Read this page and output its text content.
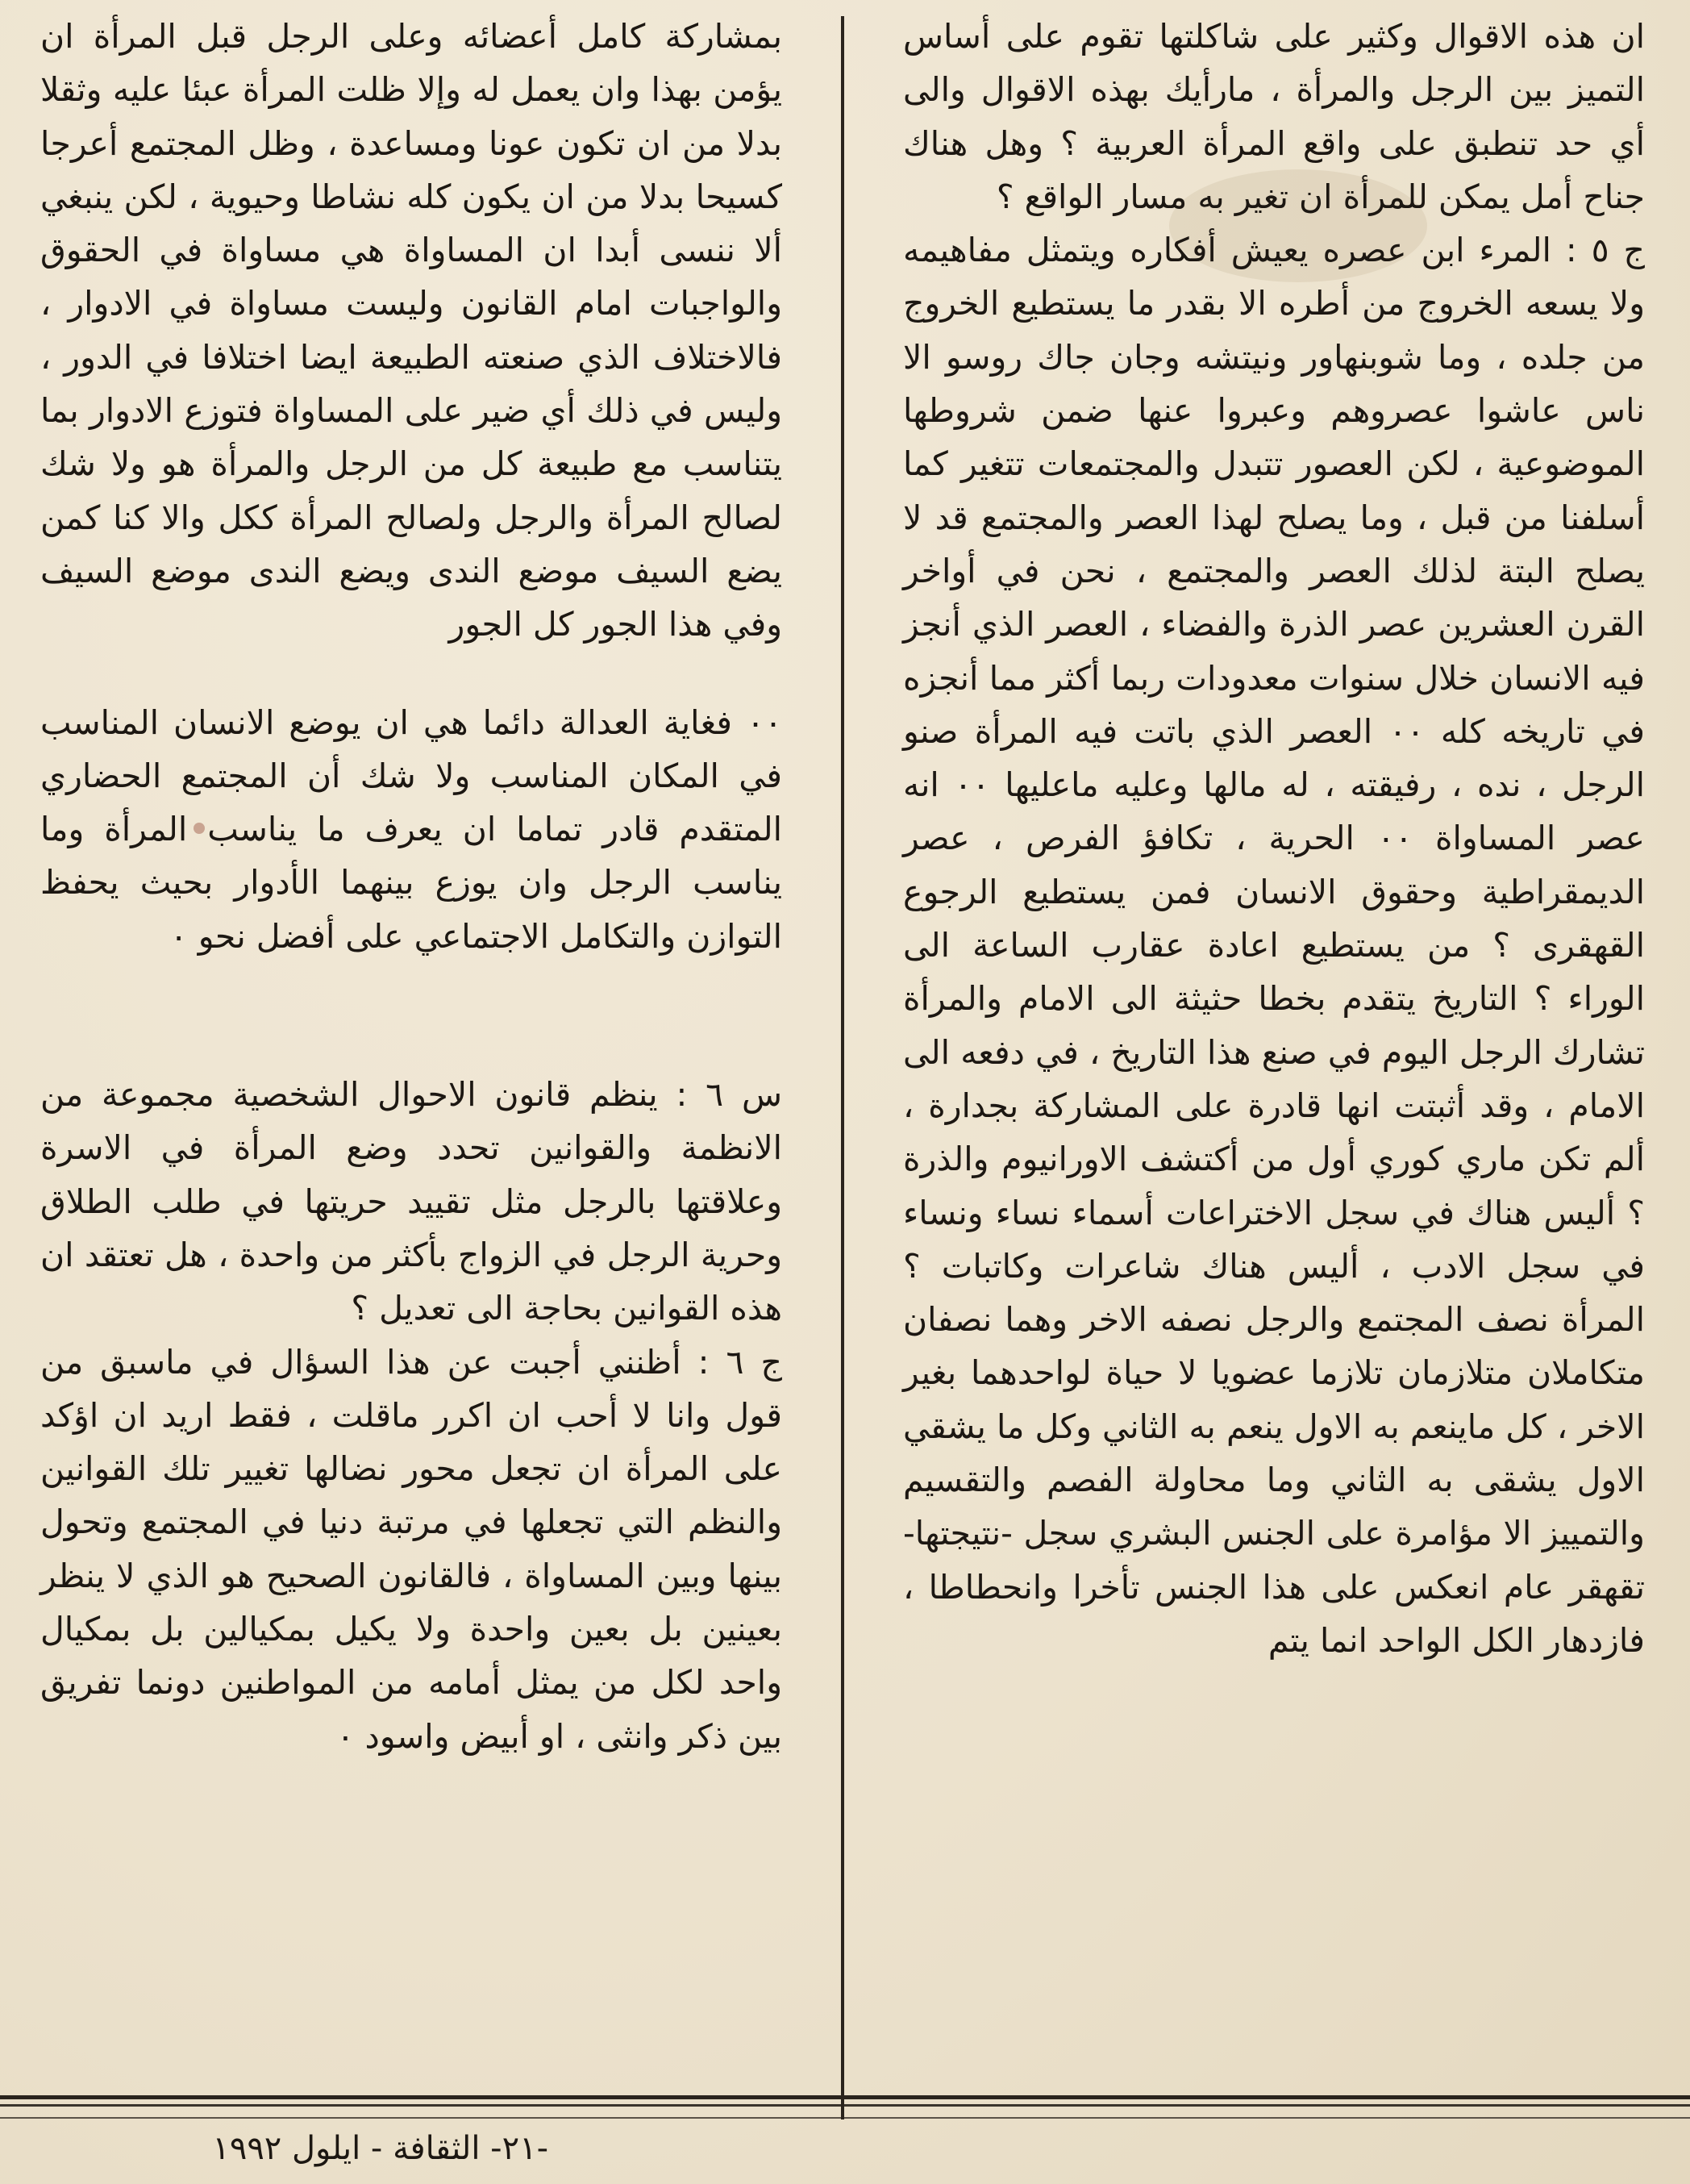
ان هذه الاقوال وكثير على شاكلتها تقوم على أساس التميز بين الرجل والمرأة ، مارأيك بهذه الاقوال والى أي حد تنطبق على واقع المرأة العربية ؟ وهل هناك جناح أمل يمكن للمرأة ان تغير به مسار الواقع ؟

ج ٥ : المرء ابن عصره يعيش أفكاره ويتمثل مفاهيمه ولا يسعه الخروج من أطره الا بقدر ما يستطيع الخروج من جلده ، وما شوبنهاور ونيتشه وجان جاك روسو الا ناس عاشوا عصروهم وعبروا عنها ضمن شروطها الموضوعية ، لكن العصور تتبدل والمجتمعات تتغير كما أسلفنا من قبل ، وما يصلح لهذا العصر والمجتمع قد لا يصلح البتة لذلك العصر والمجتمع ، نحن في أواخر القرن العشرين عصر الذرة والفضاء ، العصر الذي أنجز فيه الانسان خلال سنوات معدودات ربما أكثر مما أنجزه في تاريخه كله ٠٠ العصر الذي باتت فيه المرأة صنو الرجل ، نده ، رفيقته ، له مالها وعليه ماعليها ٠٠ انه عصر المساواة ٠٠ الحرية ، تكافؤ الفرص ، عصر الديمقراطية وحقوق الانسان فمن يستطيع الرجوع القهقرى ؟ من يستطيع اعادة عقارب الساعة الى الوراء ؟ التاريخ يتقدم بخطا حثيثة الى الامام والمرأة تشارك الرجل اليوم في صنع هذا التاريخ ، في دفعه الى الامام ، وقد أثبتت انها قادرة على المشاركة بجدارة ، ألم تكن ماري كوري أول من أكتشف الاورانيوم والذرة ؟ أليس هناك في سجل الاختراعات أسماء نساء ونساء في سجل الادب ، أليس هناك شاعرات وكاتبات ؟ المرأة نصف المجتمع والرجل نصفه الاخر وهما نصفان متكاملان متلازمان تلازما عضويا لا حياة لواحدهما بغير الاخر ، كل ماينعم به الاول ينعم به الثاني وكل ما يشقي الاول يشقى به الثاني وما محاولة الفصم والتقسيم والتمييز الا مؤامرة على الجنس البشري سجل -نتيجتها- تقهقر عام انعكس على هذا الجنس تأخرا وانحطاطا ، فازدهار الكل الواحد انما يتم

بمشاركة كامل أعضائه وعلى الرجل قبل المرأة ان يؤمن بهذا وان يعمل له وإلا ظلت المرأة عبئا عليه وثقلا بدلا من ان تكون عونا ومساعدة ، وظل المجتمع أعرجا كسيحا بدلا من ان يكون كله نشاطا وحيوية ، لكن ينبغي ألا ننسى أبدا ان المساواة هي مساواة في الحقوق والواجبات امام القانون وليست مساواة في الادوار ، فالاختلاف الذي صنعته الطبيعة ايضا اختلافا في الدور ، وليس في ذلك أي ضير على المساواة فتوزع الادوار بما يتناسب مع طبيعة كل من الرجل والمرأة هو ولا شك لصالح المرأة والرجل ولصالح المرأة ككل والا كنا كمن يضع السيف موضع الندى ويضع الندى موضع السيف وفي هذا الجور كل الجور

٠٠ فغاية العدالة دائما هي ان يوضع الانسان المناسب في المكان المناسب ولا شك أن المجتمع الحضاري المتقدم قادر تماما ان يعرف ما يناسب المرأة وما يناسب الرجل وان يوزع بينهما الأدوار بحيث يحفظ التوازن والتكامل الاجتماعي على أفضل نحو ٠

س ٦ : ينظم قانون الاحوال الشخصية مجموعة من الانظمة والقوانين تحدد وضع المرأة في الاسرة وعلاقتها بالرجل مثل تقييد حريتها في طلب الطلاق وحرية الرجل في الزواج بأكثر من واحدة ، هل تعتقد ان هذه القوانين بحاجة الى تعديل ؟

ج ٦ : أظنني أجبت عن هذا السؤال في ماسبق من قول وانا لا أحب ان اكرر ماقلت ، فقط اريد ان اؤكد على المرأة ان تجعل محور نضالها تغيير تلك القوانين والنظم التي تجعلها في مرتبة دنيا في المجتمع وتحول بينها وبين المساواة ، فالقانون الصحيح هو الذي لا ينظر بعينين بل بعين واحدة ولا يكيل بمكيالين بل بمكيال واحد لكل من يمثل أمامه من المواطنين دونما تفريق بين ذكر وانثى ، او أبيض واسود ٠

-٢١- الثقافة - ايلول ١٩٩٢
